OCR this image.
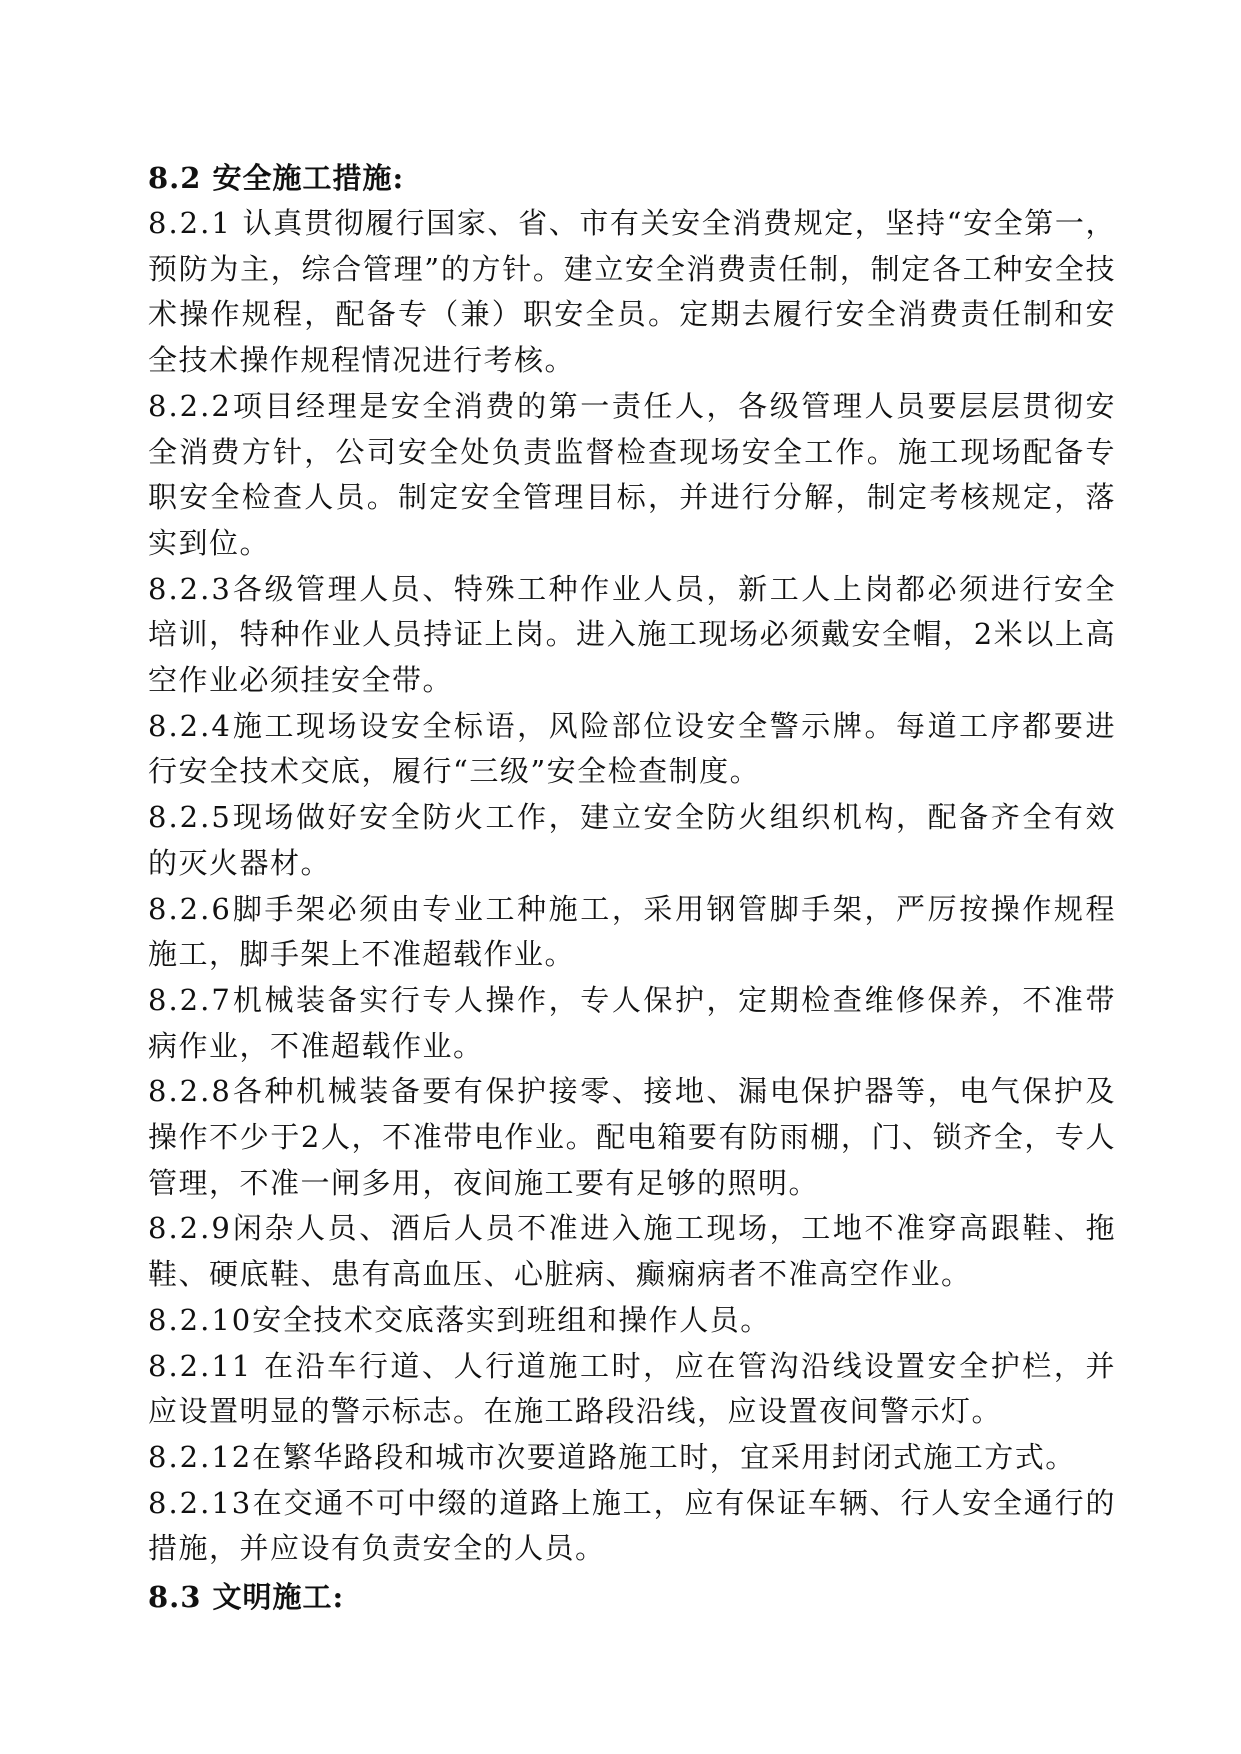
8.2 安全施工措施:

8.2.1 认真贯彻履行国家、省、市有关安全消费规定，坚持“安全第一，预防为主，综合管理”的方针。建立安全消费责任制，制定各工种安全技术操作规程，配备专（兼）职安全员。定期去履行安全消费责任制和安全技术操作规程情况进行考核。

8.2.2项目经理是安全消费的第一责任人，各级管理人员要层层贯彻安全消费方针，公司安全处负责监督检查现场安全工作。施工现场配备专职安全检查人员。制定安全管理目标，并进行分解，制定考核规定，落实到位。

8.2.3各级管理人员、特殊工种作业人员，新工人上岗都必须进行安全培训，特种作业人员持证上岗。进入施工现场必须戴安全帽，2米以上高空作业必须挂安全带。

8.2.4施工现场设安全标语，风险部位设安全警示牌。每道工序都要进行安全技术交底，履行“三级”安全检查制度。

8.2.5现场做好安全防火工作，建立安全防火组织机构，配备齐全有效的灭火器材。

8.2.6脚手架必须由专业工种施工，采用钢管脚手架，严厉按操作规程施工，脚手架上不准超载作业。

8.2.7机械装备实行专人操作，专人保护，定期检查维修保养，不准带病作业，不准超载作业。

8.2.8各种机械装备要有保护接零、接地、漏电保护器等，电气保护及操作不少于2人，不准带电作业。配电箱要有防雨棚，门、锁齐全，专人管理，不准一闸多用，夜间施工要有足够的照明。

8.2.9闲杂人员、酒后人员不准进入施工现场，工地不准穿高跟鞋、拖鞋、硬底鞋、患有高血压、心脏病、癫痫病者不准高空作业。

8.2.10安全技术交底落实到班组和操作人员。

8.2.11 在沿车行道、人行道施工时，应在管沟沿线设置安全护栏，并应设置明显的警示标志。在施工路段沿线，应设置夜间警示灯。

8.2.12在繁华路段和城市次要道路施工时，宜采用封闭式施工方式。

8.2.13在交通不可中缀的道路上施工，应有保证车辆、行人安全通行的措施，并应设有负责安全的人员。

8.3 文明施工:
